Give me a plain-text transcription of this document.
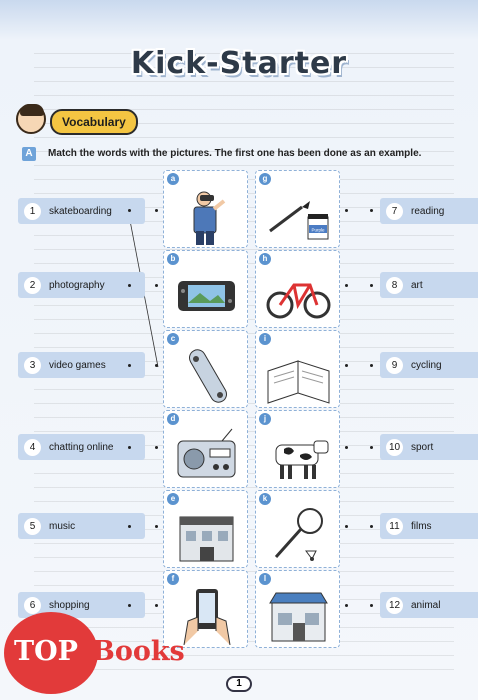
Kick-Starter
Vocabulary
A	Match the words with the pictures. The first one has been done as an example.
1	skateboarding
2	photography
3	video games
4	chatting online
5	music
6	shopping
7	reading
8	art
9	cycling
10 sport
11	films
12 animal
a
b
c
d
e
f
g
Purple
h
i
j
k
l
TOP Books
1
